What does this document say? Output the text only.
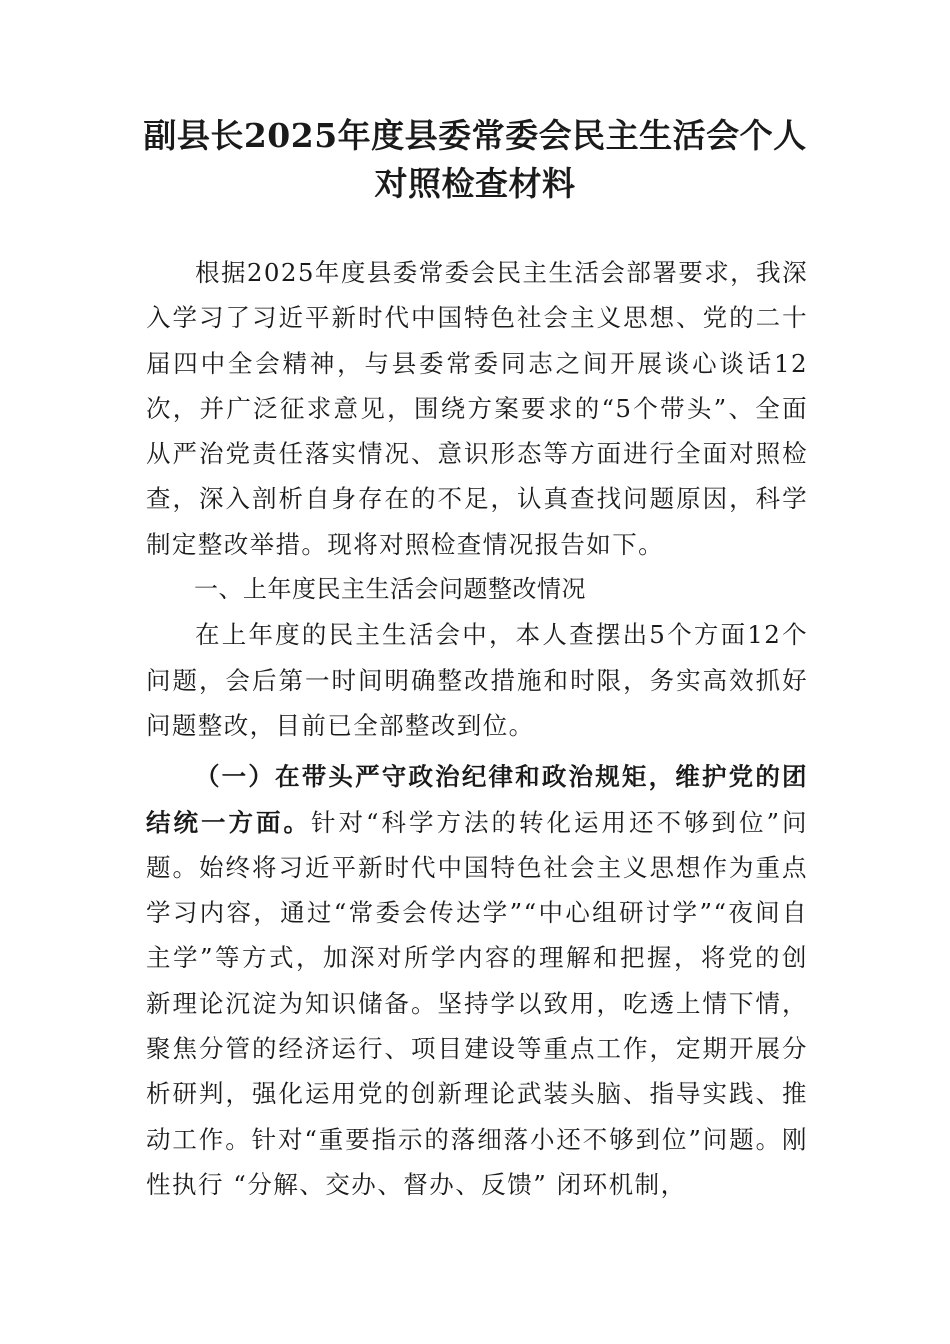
副县长2025年度县委常委会民主生活会个人对照检查材料

根据2025年度县委常委会民主生活会部署要求，我深入学习了习近平新时代中国特色社会主义思想、党的二十届四中全会精神，与县委常委同志之间开展谈心谈话12次，并广泛征求意见，围绕方案要求的“5个带头”、全面从严治党责任落实情况、意识形态等方面进行全面对照检查，深入剖析自身存在的不足，认真查找问题原因，科学制定整改举措。现将对照检查情况报告如下。

一、上年度民主生活会问题整改情况

在上年度的民主生活会中，本人查摆出5个方面12个问题，会后第一时间明确整改措施和时限，务实高效抓好问题整改，目前已全部整改到位。

（一）在带头严守政治纪律和政治规矩，维护党的团结统一方面。针对“科学方法的转化运用还不够到位”问题。始终将习近平新时代中国特色社会主义思想作为重点学习内容，通过“常委会传达学”“中心组研讨学”“夜间自主学”等方式，加深对所学内容的理解和把握，将党的创新理论沉淀为知识储备。坚持学以致用，吃透上情下情，聚焦分管的经济运行、项目建设等重点工作，定期开展分析研判，强化运用党的创新理论武装头脑、指导实践、推动工作。针对“重要指示的落细落小还不够到位”问题。刚性执行 “分解、交办、督办、反馈” 闭环机制，
